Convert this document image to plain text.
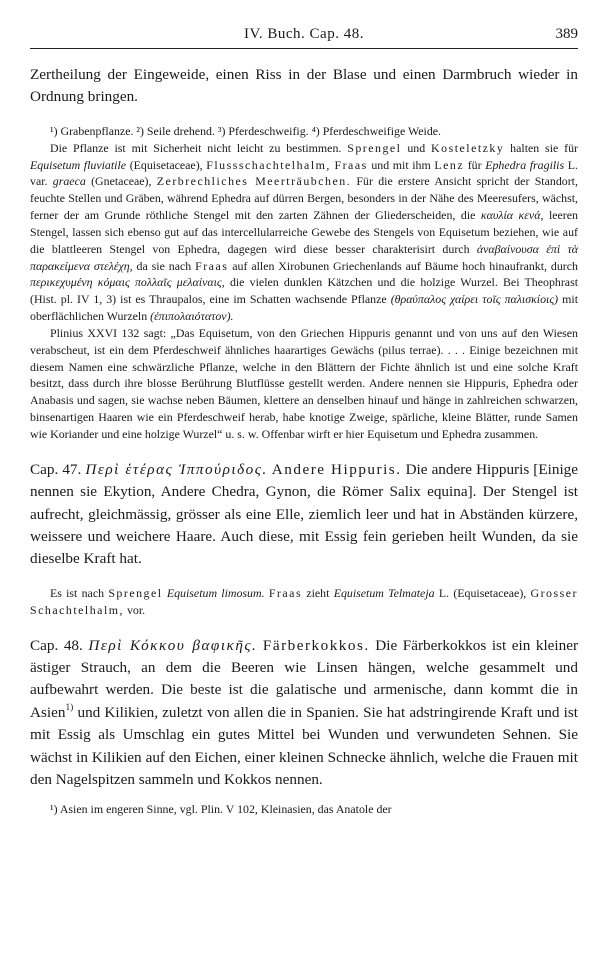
IV. Buch. Cap. 48.	389

Zertheilung der Eingeweide, einen Riss in der Blase und einen Darmbruch wieder in Ordnung bringen.

¹) Grabenpflanze. ²) Seile drehend. ³) Pferdeschweifig. ⁴) Pferdeschweifige Weide.

Die Pflanze ist mit Sicherheit nicht leicht zu bestimmen. Sprengel und Kosteletzky halten sie für Equisetum fluviatile (Equisetaceae), Flussschachtelhalm, Fraas und mit ihm Lenz für Ephedra fragilis L. var. graeca (Gnetaceae), Zerbrechliches Meerträubchen. Für die erstere Ansicht spricht der Standort, feuchte Stellen und Gräben, während Ephedra auf dürren Bergen, besonders in der Nähe des Meeresufers, wächst, ferner der am Grunde röthliche Stengel mit den zarten Zähnen der Gliederscheiden, die καυλία κενά, leeren Stengel, lassen sich ebenso gut auf das intercellularreiche Gewebe des Stengels von Equisetum beziehen, wie auf die blattleeren Stengel von Ephedra, dagegen wird diese besser charakterisirt durch ἀναβαίνουσα ἐπὶ τὰ παρακείμενα στελέχη, da sie nach Fraas auf allen Xirobunen Griechenlands auf Bäume hoch hinaufrankt, durch περικεχυμένη κόμαις πολλαῖς μελαίναις, die vielen dunklen Kätzchen und die holzige Wurzel. Bei Theophrast (Hist. pl. IV 1, 3) ist es Thraupalos, eine im Schatten wachsende Pflanze (θραύπαλος χαίρει τοῖς παλισκίοις) mit oberflächlichen Wurzeln (ἐπιπολαιότατον).

Plinius XXVI 132 sagt: „Das Equisetum, von den Griechen Hippuris genannt und von uns auf den Wiesen verabscheut, ist ein dem Pferdeschweif ähnliches haarartiges Gewächs (pilus terrae). . . . Einige bezeichnen mit diesem Namen eine schwärzliche Pflanze, welche in den Blättern der Fichte ähnlich ist und eine solche Kraft besitzt, dass durch ihre blosse Berührung Blutflüsse gestellt werden. Andere nennen sie Hippuris, Ephedra oder Anabasis und sagen, sie wachse neben Bäumen, klettere an denselben hinauf und hänge in zahlreichen schwarzen, binsenartigen Haaren wie ein Pferdeschweif herab, habe knotige Zweige, spärliche, kleine Blätter, runde Samen wie Koriander und eine holzige Wurzel“ u. s. w. Offenbar wirft er hier Equisetum und Ephedra zusammen.

Cap. 47. Περὶ ἑτέρας Ἱππούριδος. Andere Hippuris. Die andere Hippuris [Einige nennen sie Ekytion, Andere Chedra, Gynon, die Römer Salix equina]. Der Stengel ist aufrecht, gleichmässig, grösser als eine Elle, ziemlich leer und hat in Abständen kürzere, weissere und weichere Haare. Auch diese, mit Essig fein gerieben heilt Wunden, da sie dieselbe Kraft hat.

Es ist nach Sprengel Equisetum limosum. Fraas zieht Equisetum Telmateja L. (Equisetaceae), Grosser Schachtelhalm, vor.

Cap. 48. Περὶ Κόκκου βαφικῆς. Färberkokkos. Die Färberkokkos ist ein kleiner ästiger Strauch, an dem die Beeren wie Linsen hängen, welche gesammelt und aufbewahrt werden. Die beste ist die galatische und armenische, dann kommt die in Asien$^{1)}$ und Kilikien, zuletzt von allen die in Spanien. Sie hat adstringirende Kraft und ist mit Essig als Umschlag ein gutes Mittel bei Wunden und verwundeten Sehnen. Sie wächst in Kilikien auf den Eichen, einer kleinen Schnecke ähnlich, welche die Frauen mit den Nagelspitzen sammeln und Kokkos nennen.

¹) Asien im engeren Sinne, vgl. Plin. V 102, Kleinasien, das Anatole der
